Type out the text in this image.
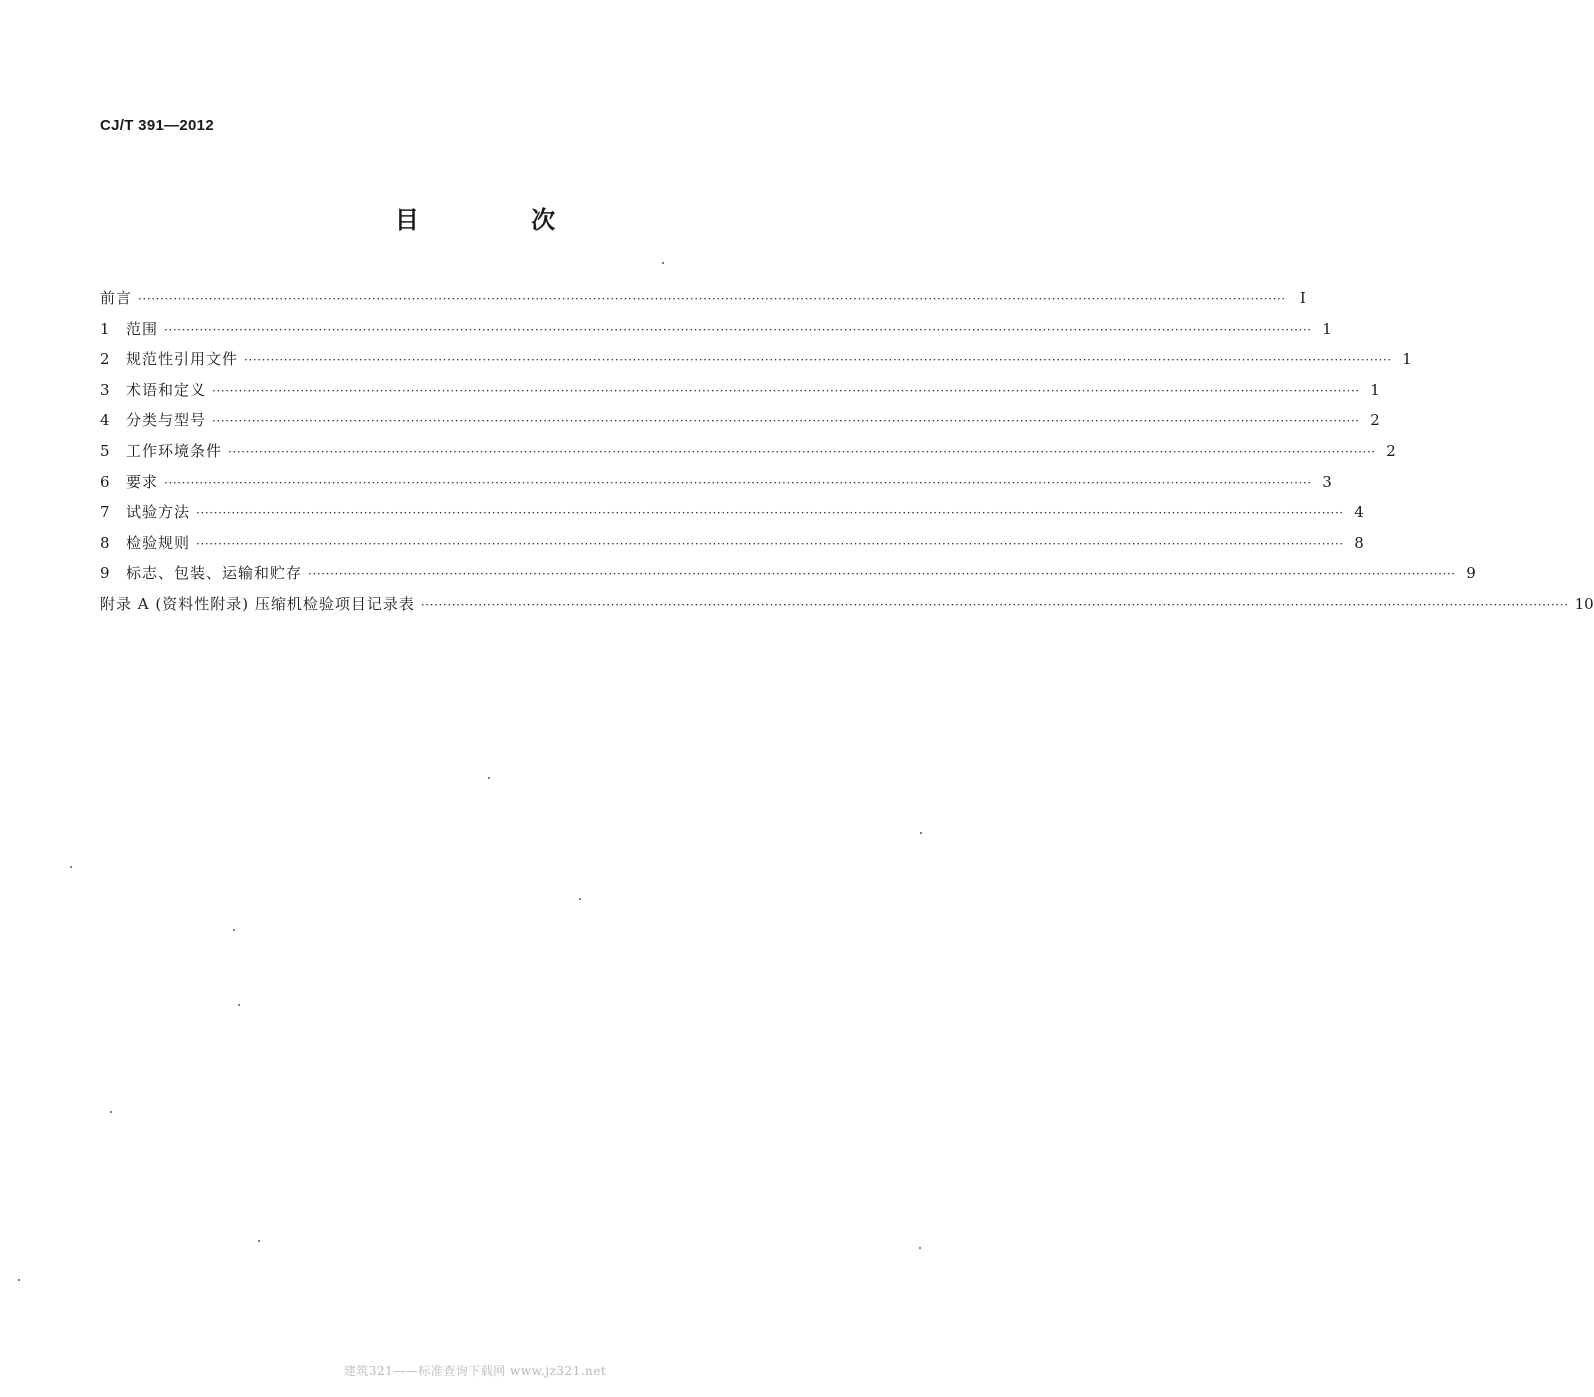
CJ/T 391—2012
目 次
前言 ···································································································································································································································································· Ⅰ
1	范围 ···································································································································································································································································· 1
2	规范性引用文件 ···································································································································································································································································· 1
3	术语和定义 ···································································································································································································································································· 1
4	分类与型号 ···································································································································································································································································· 2
5	工作环境条件 ···································································································································································································································································· 2
6	要求 ···································································································································································································································································· 3
7	试验方法 ···································································································································································································································································· 4
8	检验规则 ···································································································································································································································································· 8
9	标志、包装、运输和贮存 ···································································································································································································································································· 9
附录 A (资料性附录) 压缩机检验项目记录表 ···································································································································································································································································· 10
建筑321——标准查询下载网 www.jz321.net
